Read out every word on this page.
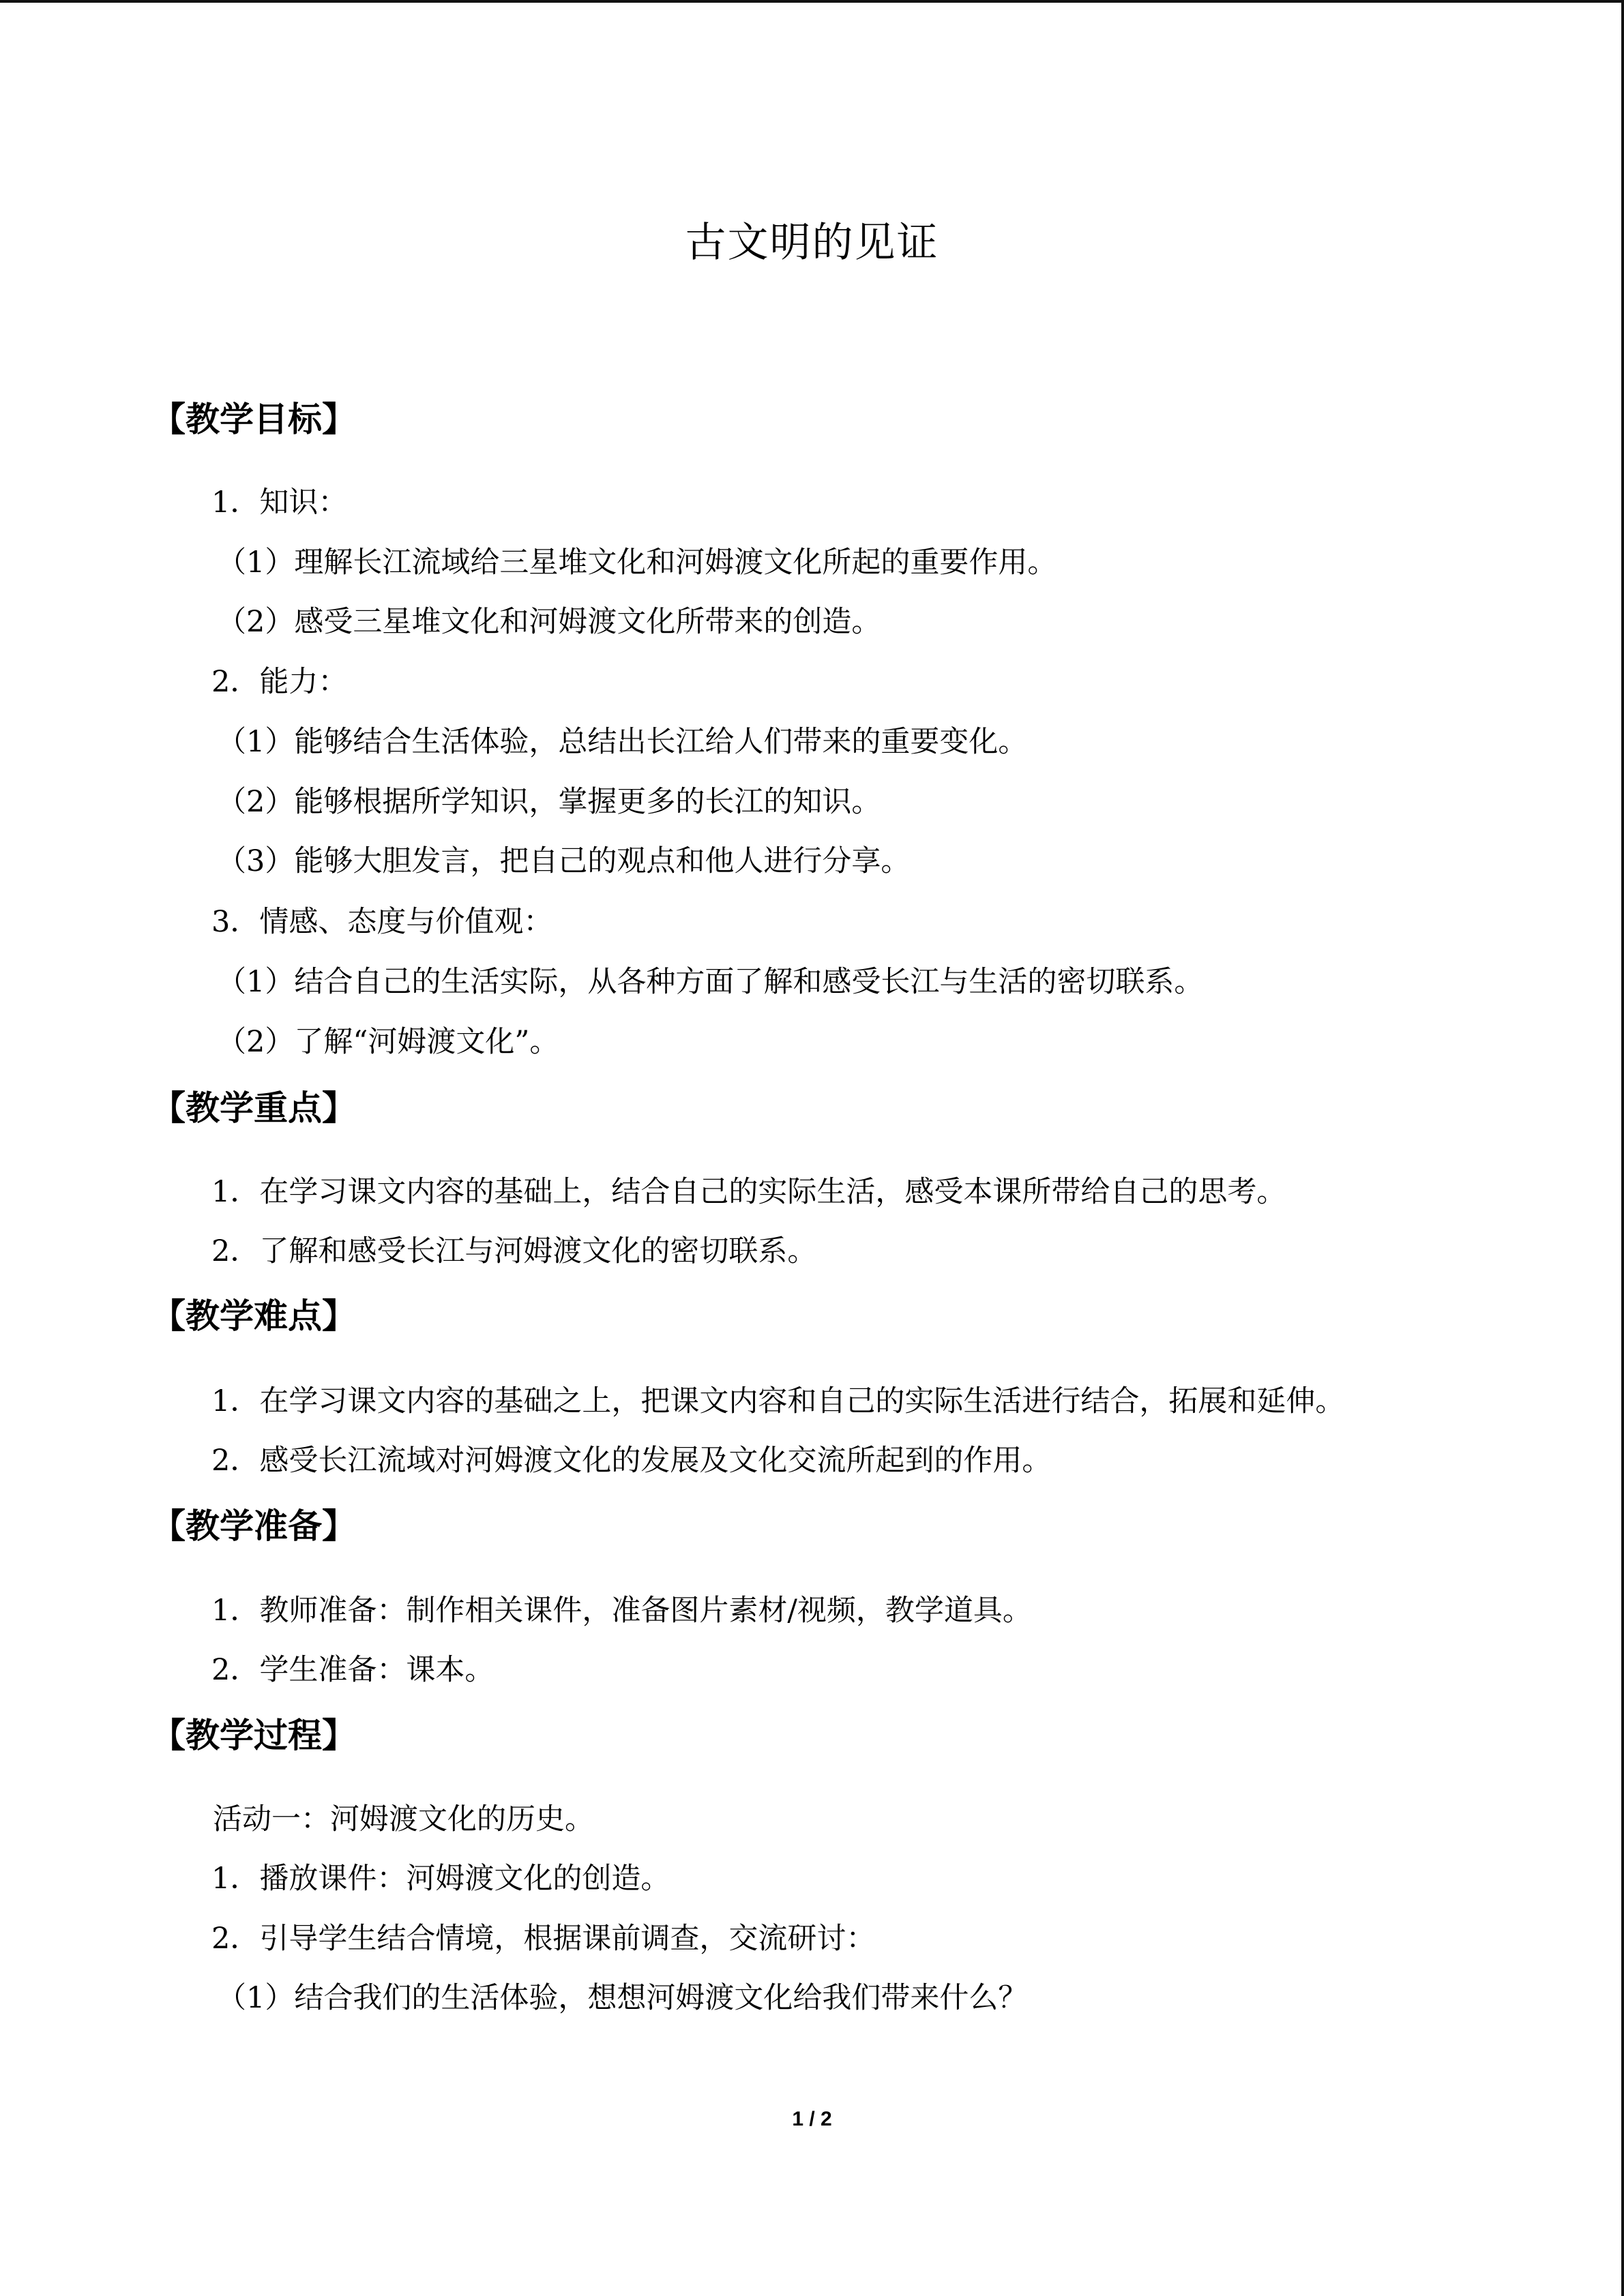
古文明的见证
【教学目标】
1．知识：
（1）理解长江流域给三星堆文化和河姆渡文化所起的重要作用。
（2）感受三星堆文化和河姆渡文化所带来的创造。
2．能力：
（1）能够结合生活体验，总结出长江给人们带来的重要变化。
（2）能够根据所学知识，掌握更多的长江的知识。
（3）能够大胆发言，把自己的观点和他人进行分享。
3．情感、态度与价值观：
（1）结合自己的生活实际，从各种方面了解和感受长江与生活的密切联系。
（2）了解“河姆渡文化”。
【教学重点】
1．在学习课文内容的基础上，结合自己的实际生活，感受本课所带给自己的思考。
2．了解和感受长江与河姆渡文化的密切联系。
【教学难点】
1．在学习课文内容的基础之上，把课文内容和自己的实际生活进行结合，拓展和延伸。
2．感受长江流域对河姆渡文化的发展及文化交流所起到的作用。
【教学准备】
1．教师准备：制作相关课件，准备图片素材/视频，教学道具。
2．学生准备：课本。
【教学过程】
活动一：河姆渡文化的历史。
1．播放课件：河姆渡文化的创造。
2．引导学生结合情境，根据课前调查，交流研讨：
（1）结合我们的生活体验，想想河姆渡文化给我们带来什么？
1 / 2
